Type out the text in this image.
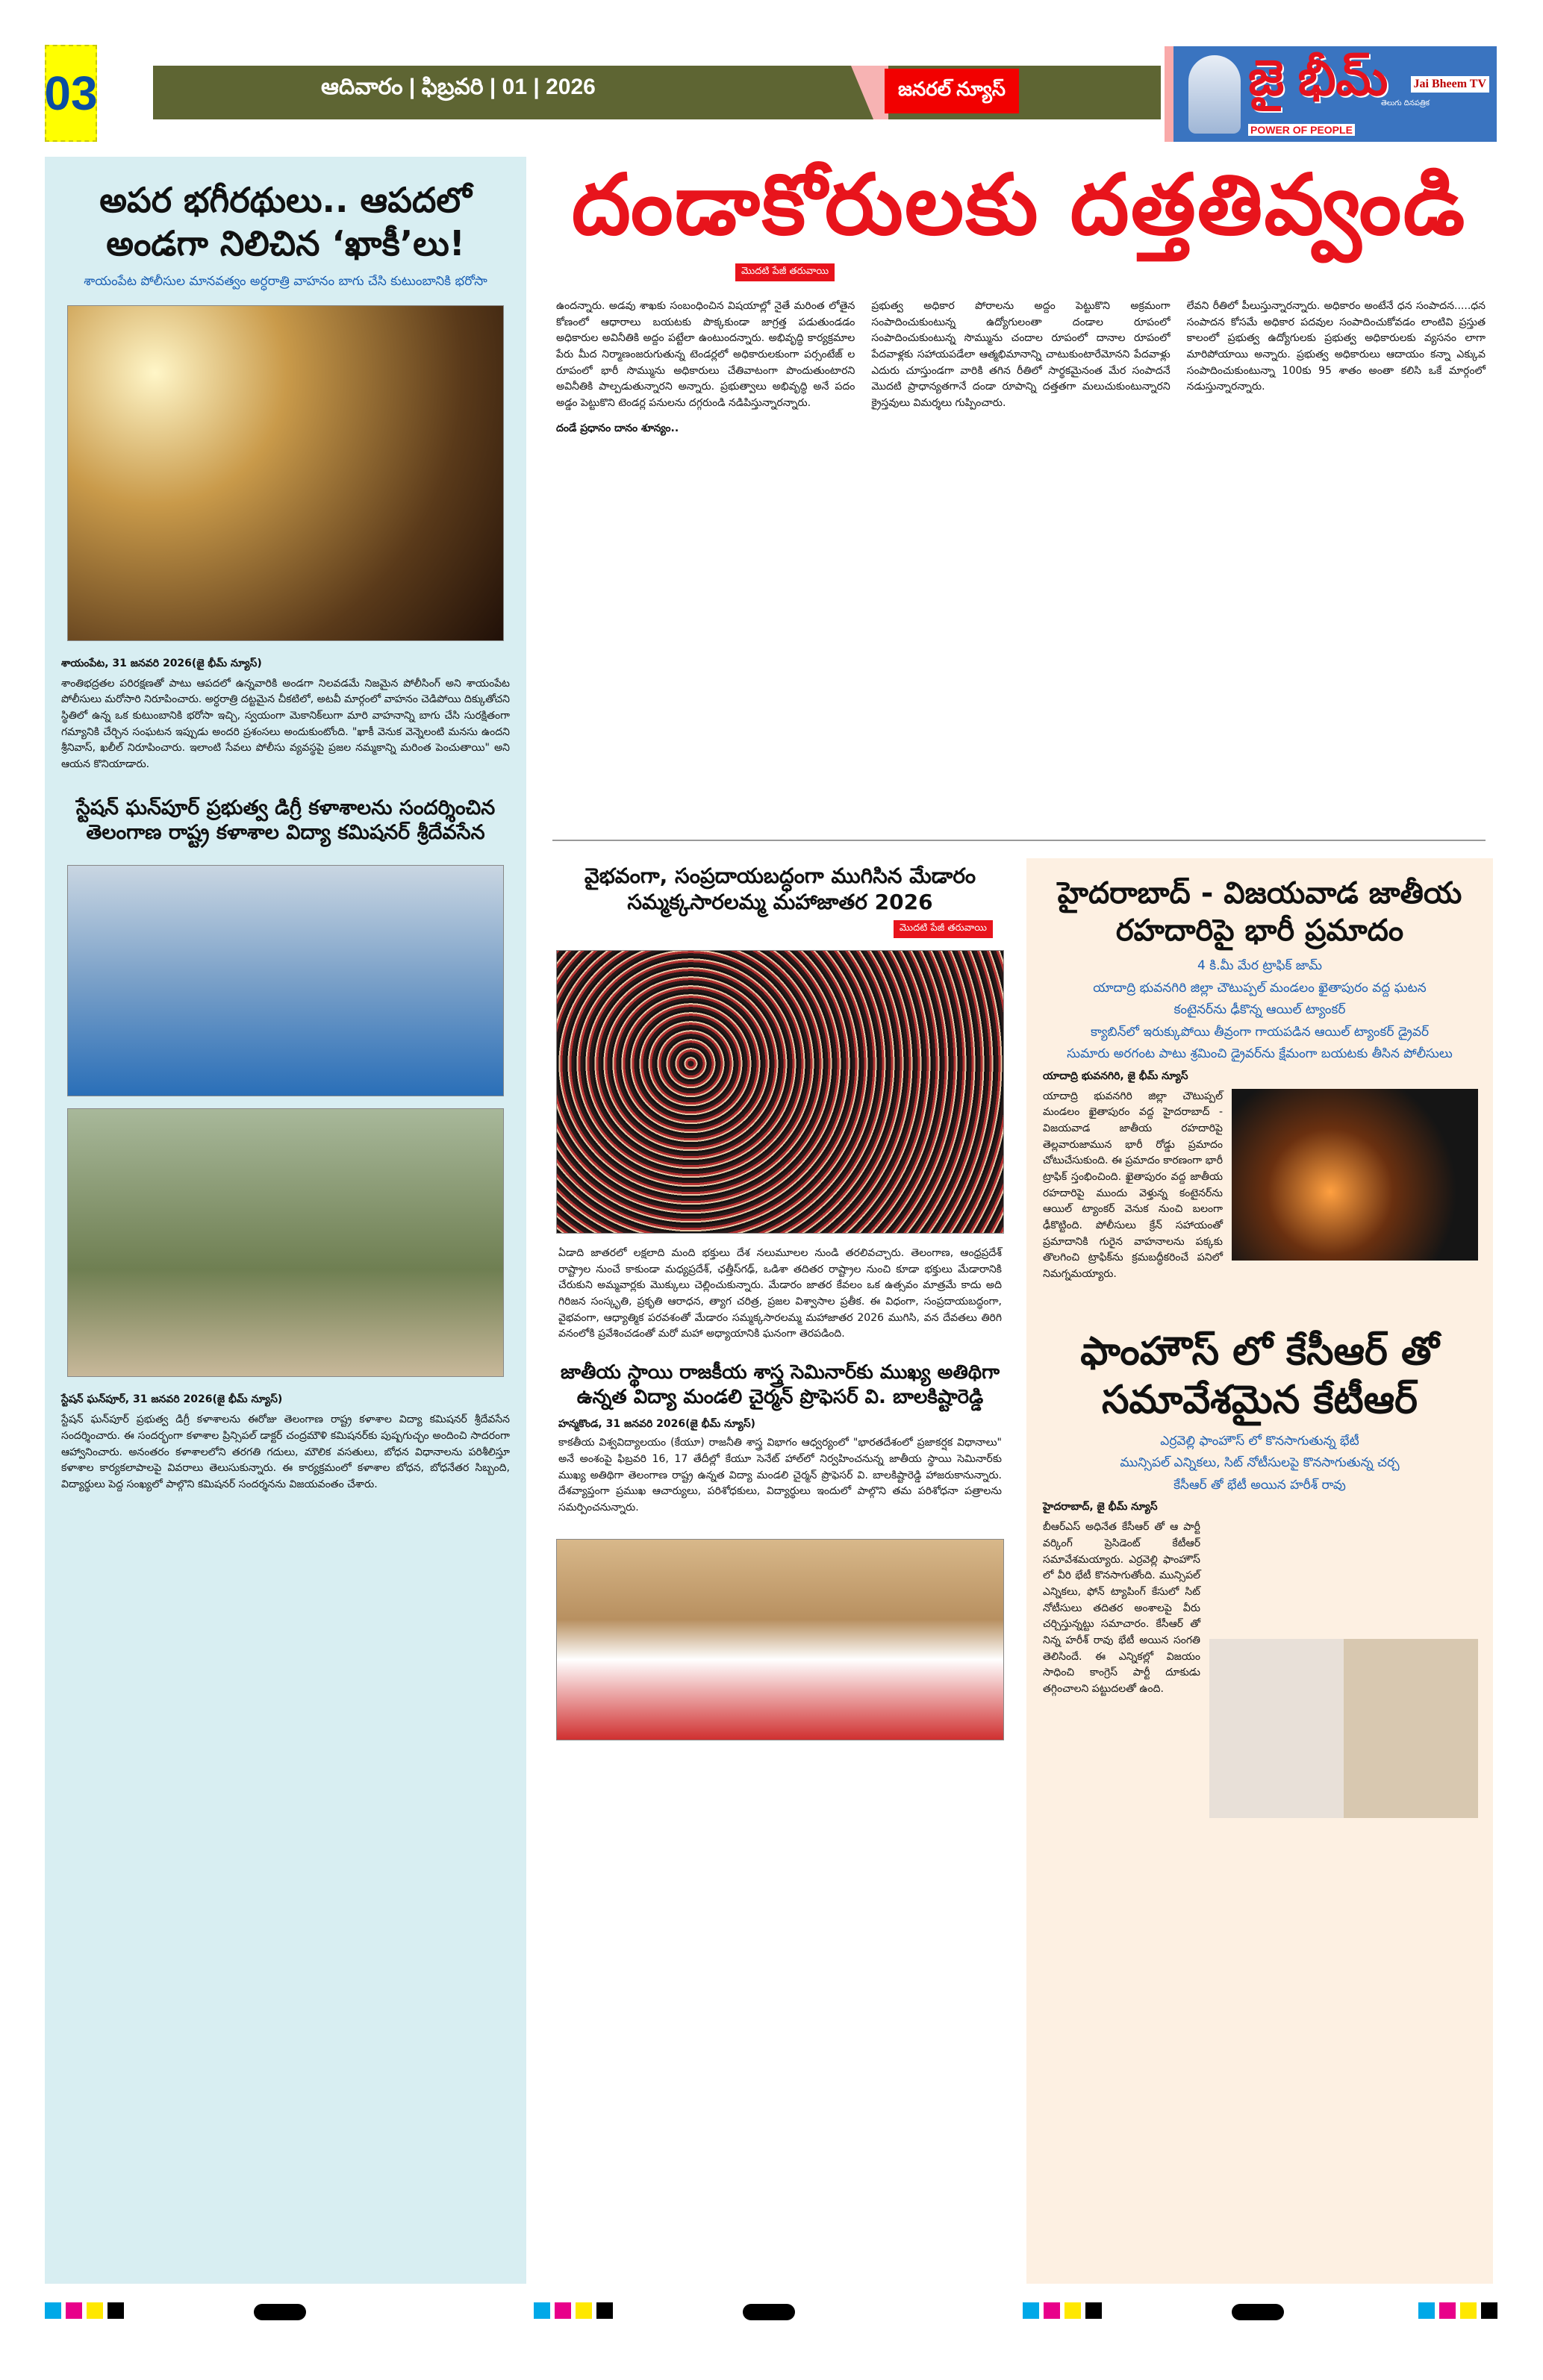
03	ఆదివారం | ఫిబ్రవరి | 01 | 2026	జనరల్ న్యూస్	జై భీమ్
తెలుగు దినపత్రిక
POWER OF PEOPLE
Jai Bheem TV
అపర భగీరథులు.. ఆపదలో అండగా నిలిచిన ‘ఖాకీ’లు!
శాయంపేట పోలీసుల మానవత్వం అర్ధరాత్రి వాహనం బాగు చేసి కుటుంబానికి భరోసా
శాయంపేట, 31 జనవరి 2026(జై భీమ్ న్యూస్)
శాంతిభద్రతల పరిరక్షణతో పాటు ఆపదలో ఉన్నవారికి అండగా నిలవడమే నిజమైన పోలీసింగ్ అని శాయంపేట పోలీసులు మరోసారి నిరూపించారు. అర్ధరాత్రి దట్టమైన చీకటిలో, అటవీ మార్గంలో వాహనం చెడిపోయి దిక్కుతోచని స్థితిలో ఉన్న ఒక కుటుంబానికి భరోసా ఇచ్చి, స్వయంగా మెకానిక్‌లుగా మారి వాహనాన్ని బాగు చేసి సురక్షితంగా గమ్యానికి చేర్చిన సంఘటన ఇప్పుడు అందరి ప్రశంసలు అందుకుంటోంది. "ఖాకీ వెనుక వెన్నెలంటి మనసు ఉందని శ్రీనివాస్, ఖలీల్ నిరూపించారు. ఇలాంటి సేవలు పోలీసు వ్యవస్థపై ప్రజల నమ్మకాన్ని మరింత పెంచుతాయి" అని ఆయన కొనియాడారు.
స్టేషన్ ఘన్‌పూర్ ప్రభుత్వ డిగ్రీ కళాశాలను సందర్శించిన తెలంగాణ రాష్ట్ర కళాశాల విద్యా కమిషనర్ శ్రీదేవసేన
స్టేషన్ ఘన్‌పూర్, 31 జనవరి 2026(జై భీమ్ న్యూస్)
స్టేషన్ ఘన్‌పూర్ ప్రభుత్వ డిగ్రీ కళాశాలను ఈరోజు తెలంగాణ రాష్ట్ర కళాశాల విద్యా కమిషనర్ శ్రీదేవసేన సందర్శించారు. ఈ సందర్భంగా కళాశాల ప్రిన్సిపల్ డాక్టర్ చంద్రమౌళి కమిషనర్‌కు పుష్పగుచ్ఛం అందించి సాదరంగా ఆహ్వానించారు. అనంతరం కళాశాలలోని తరగతి గదులు, మౌలిక వసతులు, బోధన విధానాలను పరిశీలిస్తూ కళాశాల కార్యకలాపాలపై వివరాలు తెలుసుకున్నారు. ఈ కార్యక్రమంలో కళాశాల బోధన, బోధనేతర సిబ్బంది, విద్యార్థులు పెద్ద సంఖ్యలో పాల్గొని కమిషనర్ సందర్శనను విజయవంతం చేశారు.
దండాకోరులకు దత్తతివ్వండి
మొదటి పేజీ తరువాయి
ఉందన్నారు. అడవు శాఖకు సంబంధించిన విషయాల్లో నైతే మరింత లోతైన కోణంలో ఆధారాలు బయటకు పొక్కకుండా జాగ్రత్త పడుతుండడం అధికారుల అవినీతికి అద్దం పట్టేలా ఉంటుందన్నారు. అభివృద్ధి కార్యక్రమాల పేరు మీద నిర్మాణంజరుగుతున్న టెండర్లలో అధికారులకుంగా పర్సంటేజ్ ల రూపంలో భారీ సొమ్మును అధికారులు చేతివాటంగా పొందుతుంటారని అవినీతికి పాల్పడుతున్నారని అన్నారు. ప్రభుత్వాలు అభివృద్ధి అనే పదం అడ్డం పెట్టుకొని టెండర్ల పనులను దగ్గరుండి నడిపిస్తున్నారన్నారు.
దండే ప్రధానం దానం శూన్యం..
ప్రభుత్వ అధికార పోరాలను అద్దం పెట్టుకొని అక్రమంగా సంపాదించుకుంటున్న ఉద్యోగులంతా దండాల రూపంలో సంపాదించుకుంటున్న సొమ్మును చందాల రూపంలో దానాల రూపంలో పేదవాళ్లకు సహాయపడేలా ఆత్మభిమానాన్ని చాటుకుంటారేమోనని పేదవాళ్లు ఎదురు చూస్తుండగా వారికి తగిన రీతిలో సార్థకమైనంత మేర సంపాదనే మొదటి ప్రాధాన్యతగానే దండా రూపాన్ని దత్తతగా మలుచుకుంటున్నారని క్రైస్తవులు విమర్శలు గుప్పించారు.
లేవని రీతిలో పీలుస్తున్నారన్నారు. అధికారం అంటేనే ధన సంపాదన.....ధన సంపాదన కోసమే అధికార పదవుల సంపాదించుకోవడం లాంటివి ప్రస్తుత కాలంలో ప్రభుత్వ ఉద్యోగులకు ప్రభుత్వ అధికారులకు వ్యసనం లాగా మారిపోయాయి అన్నారు. ప్రభుత్వ అధికారులు ఆదాయం కన్నా ఎక్కువ సంపాదించుకుంటున్నా 100కు 95 శాతం అంతా కలిసి ఒకే మార్గంలో నడుస్తున్నారన్నారు.
వైభవంగా, సంప్రదాయబద్ధంగా ముగిసిన మేడారం సమ్మక్కసారలమ్మ మహాజాతర 2026
మొదటి పేజీ తరువాయి
ఏడాది జాతరలో లక్షలాది మంది భక్తులు దేశ నలుమూలల నుండి తరలివచ్చారు. తెలంగాణ, ఆంధ్రప్రదేశ్ రాష్ట్రాల నుంచే కాకుండా మధ్యప్రదేశ్, ఛత్తీస్‌గఢ్, ఒడిశా తదితర రాష్ట్రాల నుంచి కూడా భక్తులు మేడారానికి చేరుకుని అమ్మవార్లకు మొక్కులు చెల్లించుకున్నారు. మేడారం జాతర కేవలం ఒక ఉత్సవం మాత్రమే కాదు అది గిరిజన సంస్కృతి, ప్రకృతి ఆరాధన, త్యాగ చరిత్ర, ప్రజల విశ్వాసాల ప్రతీక. ఈ విధంగా, సంప్రదాయబద్ధంగా, వైభవంగా, ఆధ్యాత్మిక పరవశంతో మేడారం సమ్మక్కసారలమ్మ మహాజాతర 2026 ముగిసి, వన దేవతలు తిరిగి వనంలోకి ప్రవేశించడంతో మరో మహా అధ్యాయానికి ఘనంగా తెరపడింది.
జాతీయ స్థాయి రాజకీయ శాస్త్ర సెమినార్‌కు ముఖ్య అతిథిగా ఉన్నత విద్యా మండలి చైర్మన్ ప్రొఫెసర్ వి. బాలకిష్టారెడ్డి
హన్మకొండ, 31 జనవరి 2026(జై భీమ్ న్యూస్)
కాకతీయ విశ్వవిద్యాలయం (కేయూ) రాజనీతి శాస్త్ర విభాగం ఆధ్వర్యంలో "భారతదేశంలో ప్రజాకర్షక విధానాలు" అనే అంశంపై ఫిబ్రవరి 16, 17 తేదీల్లో కేయూ సెనేట్ హాల్‌లో నిర్వహించనున్న జాతీయ స్థాయి సెమినార్‌కు ముఖ్య అతిథిగా తెలంగాణ రాష్ట్ర ఉన్నత విద్యా మండలి చైర్మన్ ప్రొఫెసర్ వి. బాలకిష్టారెడ్డి హాజరుకానున్నారు. దేశవ్యాప్తంగా ప్రముఖ ఆచార్యులు, పరిశోధకులు, విద్యార్థులు ఇందులో పాల్గొని తమ పరిశోధనా పత్రాలను సమర్పించనున్నారు.
హైదరాబాద్ - విజయవాడ జాతీయ రహదారిపై భారీ ప్రమాదం
4 కి.మీ మేర ట్రాఫిక్ జామ్
యాదాద్రి భువనగిరి జిల్లా చౌటుప్పల్ మండలం ఖైతాపురం వద్ద ఘటన
కంటైనర్‌ను ఢీకొన్న ఆయిల్ ట్యాంకర్
క్యాబిన్‌లో ఇరుక్కుపోయి తీవ్రంగా గాయపడిన ఆయిల్ ట్యాంకర్ డ్రైవర్
సుమారు అరగంట పాటు శ్రమించి డ్రైవర్‌ను క్షేమంగా బయటకు తీసిన పోలీసులు
యాదాద్రి భువనగిరి, జై భీమ్ న్యూస్
యాదాద్రి భువనగిరి జిల్లా చౌటుప్పల్ మండలం ఖైతాపురం వద్ద హైదరాబాద్ - విజయవాడ జాతీయ రహదారిపై తెల్లవారుజామున భారీ రోడ్డు ప్రమాదం చోటుచేసుకుంది. ఈ ప్రమాదం కారణంగా భారీ ట్రాఫిక్ స్తంభించింది. ఖైతాపురం వద్ద జాతీయ రహదారిపై ముందు వెళ్తున్న కంటైనర్‌ను ఆయిల్ ట్యాంకర్ వెనుక నుంచి బలంగా ఢీకొట్టింది. పోలీసులు క్రేన్ సహాయంతో ప్రమాదానికి గురైన వాహనాలను పక్కకు తొలగించి ట్రాఫిక్‌ను క్రమబద్ధీకరించే పనిలో నిమగ్నమయ్యారు.
ఫాంహౌస్ లో కేసీఆర్ తో సమావేశమైన కేటీఆర్
ఎర్రవెల్లి ఫాంహౌస్ లో కొనసాగుతున్న భేటీ
మున్సిపల్ ఎన్నికలు, సిట్ నోటీసులపై కొనసాగుతున్న చర్చ
కేసీఆర్ తో భేటీ అయిన హరీశ్ రావు
హైదరాబాద్, జై భీమ్ న్యూస్
బీఆర్ఎస్ అధినేత కేసీఆర్ తో ఆ పార్టీ వర్కింగ్ ప్రెసిడెంట్ కేటీఆర్ సమావేశమయ్యారు. ఎర్రవెల్లి ఫాంహౌస్ లో వీరి భేటీ కొనసాగుతోంది. మున్సిపల్ ఎన్నికలు, ఫోన్ ట్యాపింగ్ కేసులో సిట్ నోటీసులు తదితర అంశాలపై వీరు చర్చిస్తున్నట్టు సమాచారం. కేసీఆర్ తో నిన్న హరీశ్ రావు భేటీ అయిన సంగతి తెలిసిందే. ఈ ఎన్నికల్లో విజయం సాధించి కాంగ్రెస్ పార్టీ దూకుడు తగ్గించాలని పట్టుదలతో ఉంది.
